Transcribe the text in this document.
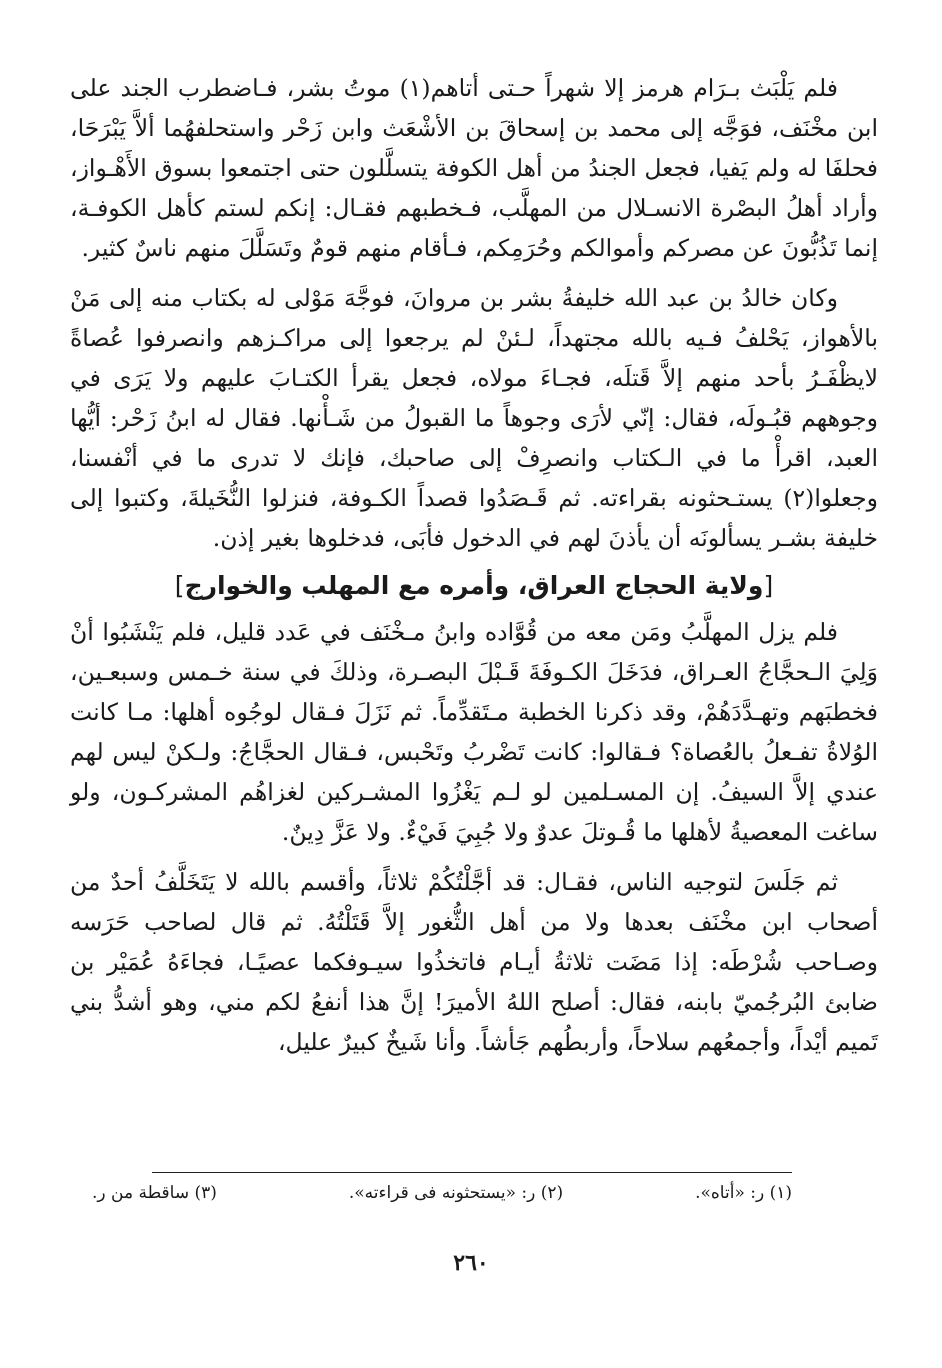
فلم يَلْبَث بـرَام هرمز إلا شهراً حـتى أتاهم(١) موتُ بشر، فـاضطرب الجند على ابن مخْنَف، فوَجَّه إلى محمد بن إسحاقَ بن الأشْعَث وابن زَحْر واستحلفهُما ألاَّ يَبْرَحَا، فحلفَا له ولم يَفيا، فجعل الجندُ من أهل الكوفة يتسلَّلون حتى اجتمعوا بسوق الأَهْـواز، وأراد أهلُ البصْرة الانسـلال من المهلَّب، فـخطبهم فقـال: إنكم لستم كأهل الكوفـة، إنما تَذُبُّونَ عن مصركم وأموالكم وحُرَمِكم، فـأقام منهم قومٌ وتَسَلَّلَ منهم ناسٌ كثير.

وكان خالدُ بن عبد الله خليفةُ بشر بن مروانَ، فوجَّهَ مَوْلى له بكتاب منه إلى مَنْ بالأهواز، يَحْلفُ فـيه بالله مجتهداً، لـئنْ لم يرجعوا إلى مراكـزهم وانصرفوا عُصاةً لايظْفَـرُ بأحد منهم إلاَّ قَتلَه، فجـاءَ مولاه، فجعل يقرأ الكتـابَ عليهم ولا يَرَى في وجوههم قبُـولَه، فقال: إنّي لأرَى وجوهاً ما القبولُ من شَـأْنها. فقال له ابنُ زَحْر: أيُّها العبد، اقرأْ ما في الـكتاب وانصرِفْ إلى صاحبك، فإنك لا تدرى ما في أنْفسنا، وجعلوا(٢) يستـحثونه بقراءته. ثم قَـصَدُوا قصداً الكـوفة، فنزلوا النُّخَيلةَ، وكتبوا إلى خليفة بشـر يسألونَه أن يأذنَ لهم في الدخول فأبَى، فدخلوها بغير إذن.

[ولاية الحجاج العراق، وأمره مع المهلب والخوارج]

فلم يزل المهلَّبُ ومَن معه من قُوَّاده وابنُ مـخْنَف في عَدد قليل، فلم يَنْشَبُوا أنْ وَلِيَ الـحجَّاجُ العـراق، فدَخَلَ الكـوفَةَ قَـبْلَ البصـرة، وذلكَ في سنة خـمس وسبعـين، فخطبَهم وتهـدَّدَهُمْ، وقد ذكرنا الخطبة مـتَقدِّماً. ثم نَزَلَ فـقال لوجُوه أهلها: مـا كانت الوُلاةُ تفـعلُ بالعُصاة؟ فـقالوا: كانت تَضْربُ وتَحْبس، فـقال الحجَّاجُ: ولـكنْ ليس لهم عندي إلاَّ السيفُ. إن المسـلمين لو لـم يَغْزُوا المشـركين لغزاهُم المشركـون، ولو ساغت المعصيةُ لأهلها ما قُـوتلَ عدوٌ ولا جُبِيَ فَيْءٌ. ولا عَزَّ دِينٌ.

ثم جَلَسَ لتوجيه الناس، فقـال: قد أجَّلْتُكُمْ ثلاثاً، وأقسم بالله لا يَتَخَلَّفُ أحدٌ من أصحاب ابن مخْنَف بعدها ولا من أهل الثُّغور إلاَّ قَتَلْتُهُ. ثم قال لصاحب حَرَسه وصـاحب شُرْطَه: إذا مَضَت ثلاثةُ أيـام فاتخذُوا سيـوفكما عصيًـا، فجاءَهُ عُمَيْر بن ضابئ البُرجُميّ بابنه، فقال: أصلح اللهُ الأميرَ! إنَّ هذا أنفعُ لكم مني، وهو أشدُّ بني تَميم أيْداً، وأجمعُهم سلاحاً، وأربطُهم جَأشاً. وأنا شَيخٌ كبيرٌ عليل،

(١) ر: «أتاه».
(٢) ر: «يستحثونه فى قراءته».
(٣) ساقطة من ر.
٢٦٠
